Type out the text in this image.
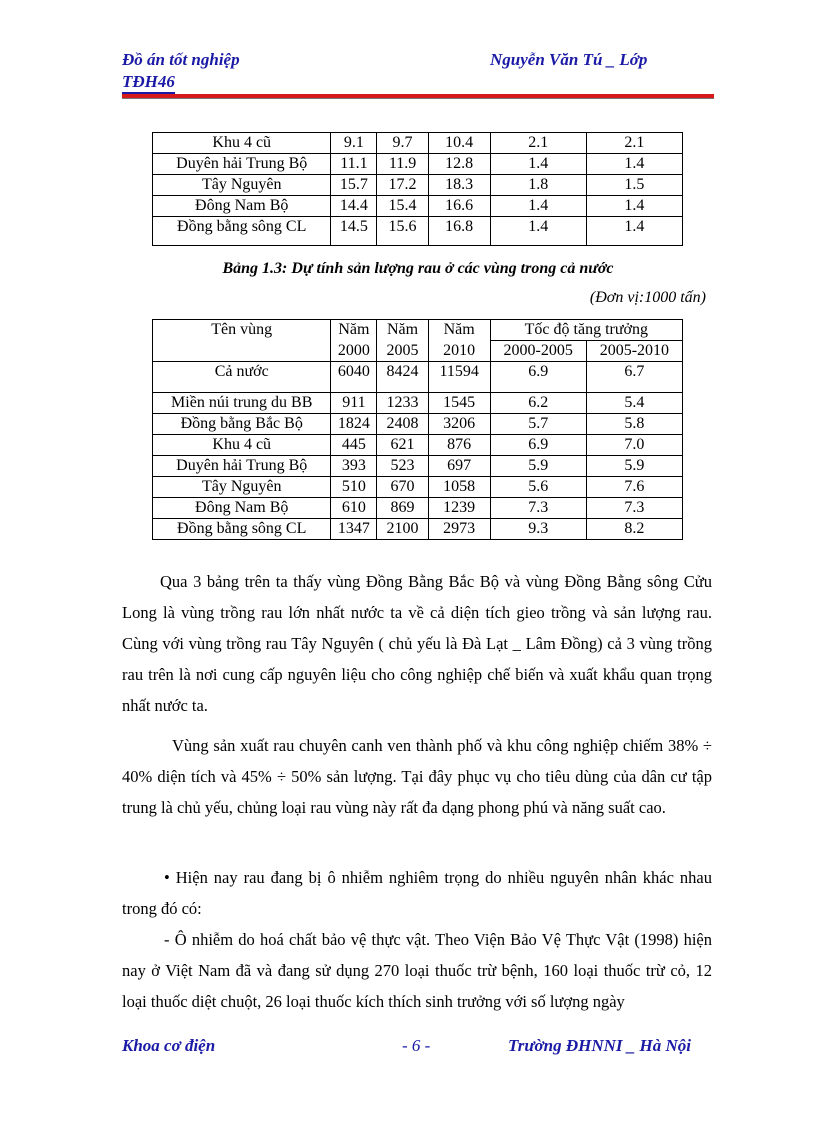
Đồ án tốt nghiệp
TĐH46
Nguyễn Văn Tú _ Lớp
Khu 4 cũ	9.1	9.7	10.4	2.1	2.1
Duyên hải Trung Bộ	11.1	11.9	12.8	1.4	1.4
Tây Nguyên	15.7	17.2	18.3	1.8	1.5
Đông Nam Bộ	14.4	15.4	16.6	1.4	1.4
Đồng bằng sông CL	14.5	15.6	16.8	1.4	1.4
Bảng 1.3: Dự tính sản lượng rau ở các vùng trong cả nước
(Đơn vị:1000 tấn)
Tên vùng	Năm	Năm	Năm	Tốc độ tăng trưởng	
	2000	2005	2010	2000-2005	2005-2010
Cả nước	6040	8424	11594	6.9	6.7
Miền núi trung du BB	911	1233	1545	6.2	5.4
Đồng bằng Bắc Bộ	1824	2408	3206	5.7	5.8
Khu 4 cũ	445	621	876	6.9	7.0
Duyên hải Trung Bộ	393	523	697	5.9	5.9
Tây Nguyên	510	670	1058	5.6	7.6
Đông Nam Bộ	610	869	1239	7.3	7.3
Đồng bằng sông CL	1347	2100	2973	9.3	8.2
Qua 3 bảng trên ta thấy vùng Đồng Bằng Bắc Bộ và vùng Đồng Bằng sông Cửu Long là vùng trồng rau lớn nhất nước ta về cả diện tích gieo trồng và sản lượng rau. Cùng với vùng trồng rau Tây Nguyên ( chủ yếu là Đà Lạt _ Lâm Đồng) cả 3 vùng trồng rau trên là nơi cung cấp nguyên liệu cho công nghiệp chế biến và xuất khẩu quan trọng nhất nước ta.
Vùng sản xuất rau chuyên canh ven thành phố và khu công nghiệp chiếm 38% ÷ 40% diện tích và 45% ÷ 50% sản lượng. Tại đây phục vụ cho tiêu dùng của dân cư tập trung là chủ yếu, chủng loại rau vùng này rất đa dạng phong phú và năng suất cao.
• Hiện nay rau đang bị ô nhiễm nghiêm trọng do nhiều nguyên nhân khác nhau trong đó có:
- Ô nhiễm do hoá chất bảo vệ thực vật. Theo Viện Bảo Vệ Thực Vật (1998) hiện nay ở Việt Nam đã và đang sử dụng 270 loại thuốc trừ bệnh, 160 loại thuốc trừ cỏ, 12 loại thuốc diệt chuột, 26 loại thuốc kích thích sinh trưởng với số lượng ngày
Khoa cơ điện	- 6 -	Trường ĐHNNI _ Hà Nội
